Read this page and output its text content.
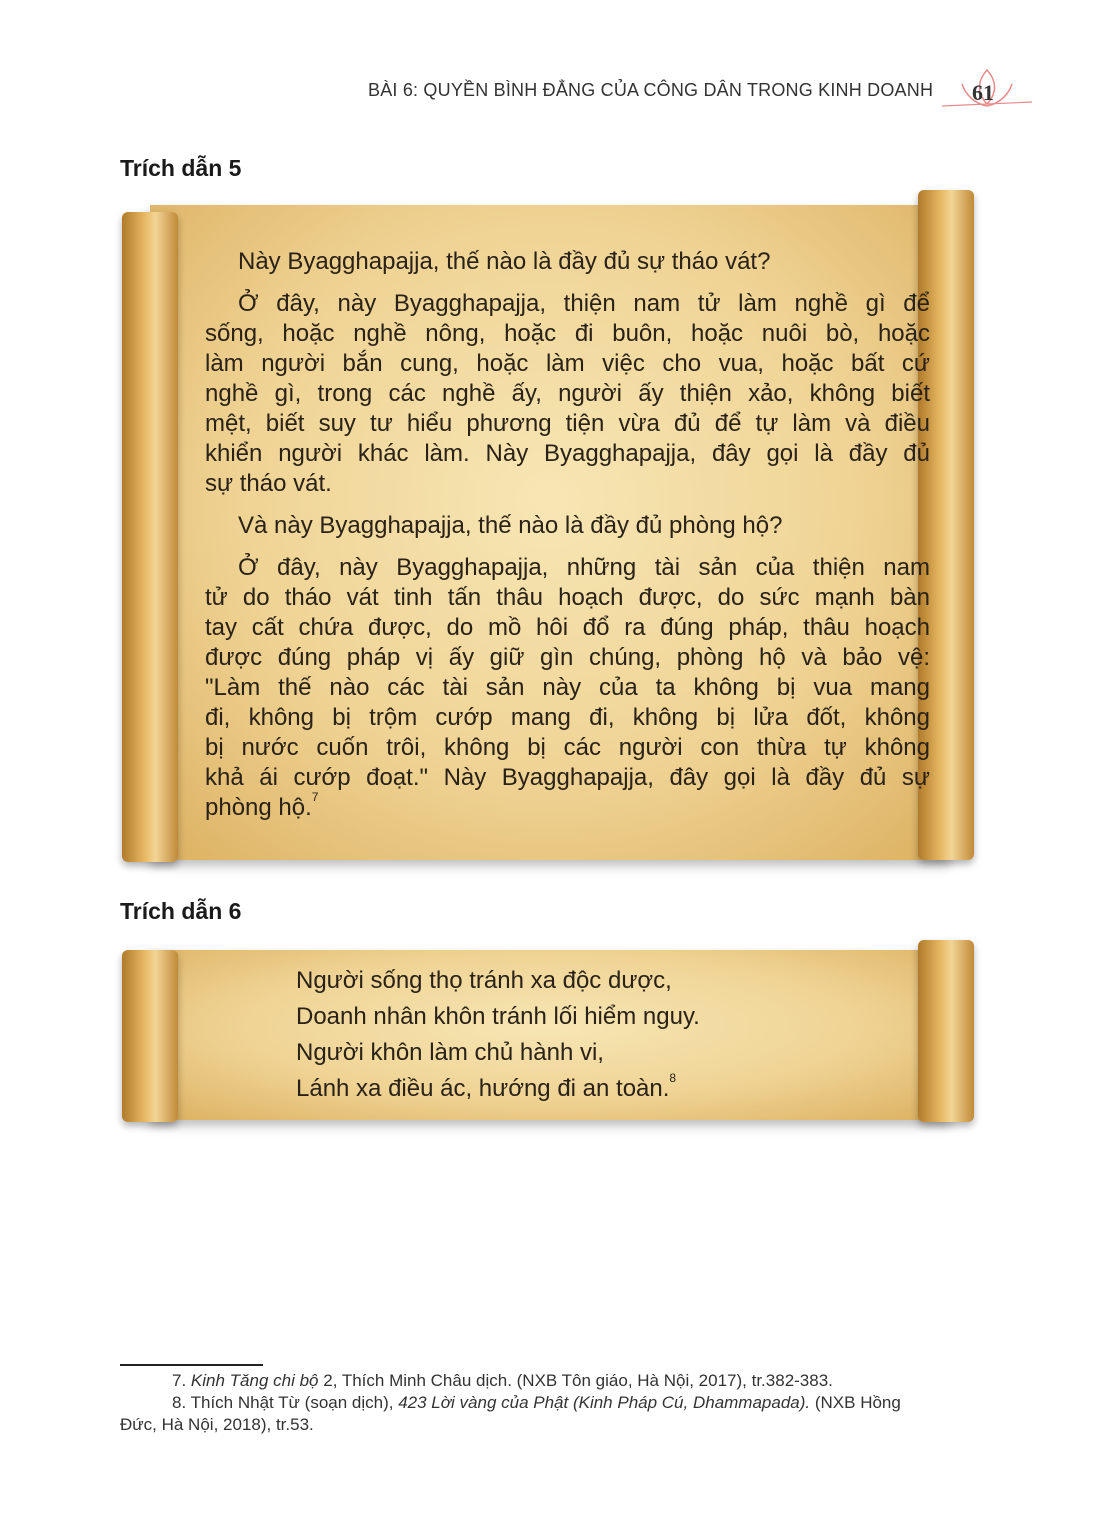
BÀI 6: QUYỀN BÌNH ĐẲNG CỦA CÔNG DÂN TRONG KINH DOANH 61
Trích dẫn 5
Này Byagghapajja, thế nào là đầy đủ sự tháo vát?
Ở đây, này Byagghapajja, thiện nam tử làm nghề gì để
sống, hoặc nghề nông, hoặc đi buôn, hoặc nuôi bò, hoặc
làm người bắn cung, hoặc làm việc cho vua, hoặc bất cứ
nghề gì, trong các nghề ấy, người ấy thiện xảo, không biết
mệt, biết suy tư hiểu phương tiện vừa đủ để tự làm và điều
khiển người khác làm. Này Byagghapajja, đây gọi là đầy đủ
sự tháo vát.
Và này Byagghapajja, thế nào là đầy đủ phòng hộ?
Ở đây, này Byagghapajja, những tài sản của thiện nam
tử do tháo vát tinh tấn thâu hoạch được, do sức mạnh bàn
tay cất chứa được, do mồ hôi đổ ra đúng pháp, thâu hoạch
được đúng pháp vị ấy giữ gìn chúng, phòng hộ và bảo vệ:
"Làm thế nào các tài sản này của ta không bị vua mang
đi, không bị trộm cướp mang đi, không bị lửa đốt, không
bị nước cuốn trôi, không bị các người con thừa tự không
khả ái cướp đoạt." Này Byagghapajja, đây gọi là đầy đủ sự
phòng hộ.$^7$
Trích dẫn 6
Người sống thọ tránh xa độc dược,
Doanh nhân khôn tránh lối hiểm nguy.
Người khôn làm chủ hành vi,
Lánh xa điều ác, hướng đi an toàn.$^8$
7. Kinh Tăng chi bộ 2, Thích Minh Châu dịch. (NXB Tôn giáo, Hà Nội, 2017), tr.382-383.
8. Thích Nhật Từ (soạn dịch), 423 Lời vàng của Phật (Kinh Pháp Cú, Dhammapada). (NXB Hồng
Đức, Hà Nội, 2018), tr.53.
